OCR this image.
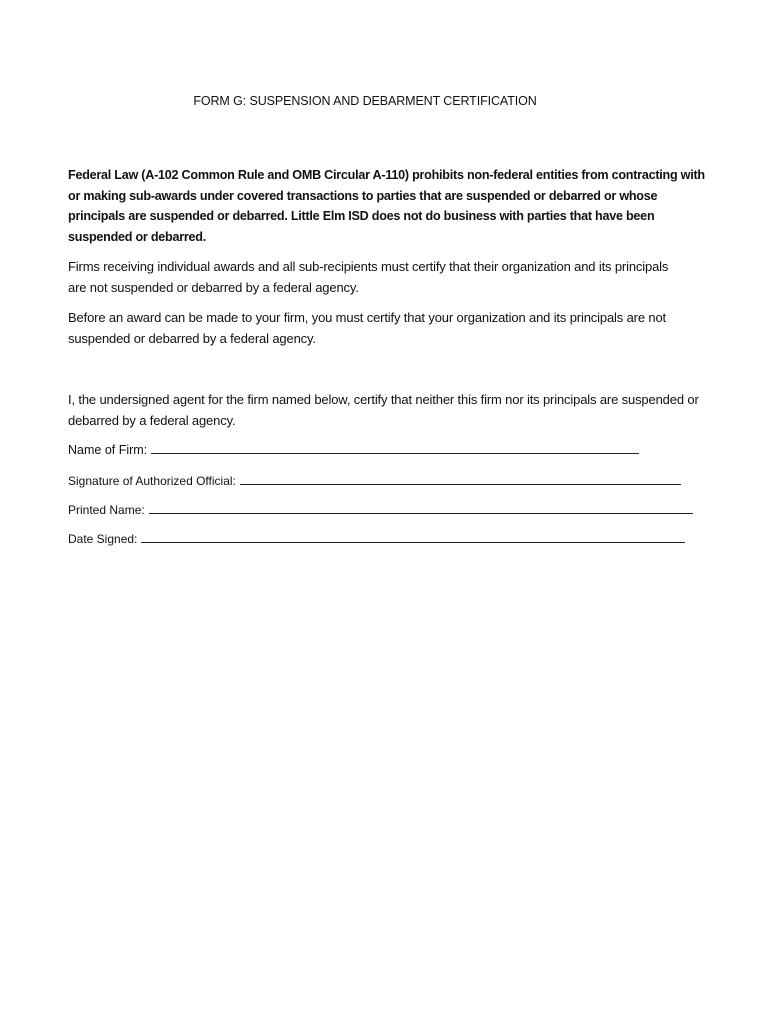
FORM G: SUSPENSION AND DEBARMENT CERTIFICATION
Federal Law (A-102 Common Rule and OMB Circular A-110) prohibits non-federal entities from contracting with or making sub-awards under covered transactions to parties that are suspended or debarred or whose principals are suspended or debarred. Little Elm ISD does not do business with parties that have been suspended or debarred.
Firms receiving individual awards and all sub-recipients must certify that their organization and its principals are not suspended or debarred by a federal agency.
Before an award can be made to your firm, you must certify that your organization and its principals are not suspended or debarred by a federal agency.
I, the undersigned agent for the firm named below, certify that neither this firm nor its principals are suspended or debarred by a federal agency.
Name of Firm:
Signature of Authorized Official:
Printed Name:
Date Signed:
